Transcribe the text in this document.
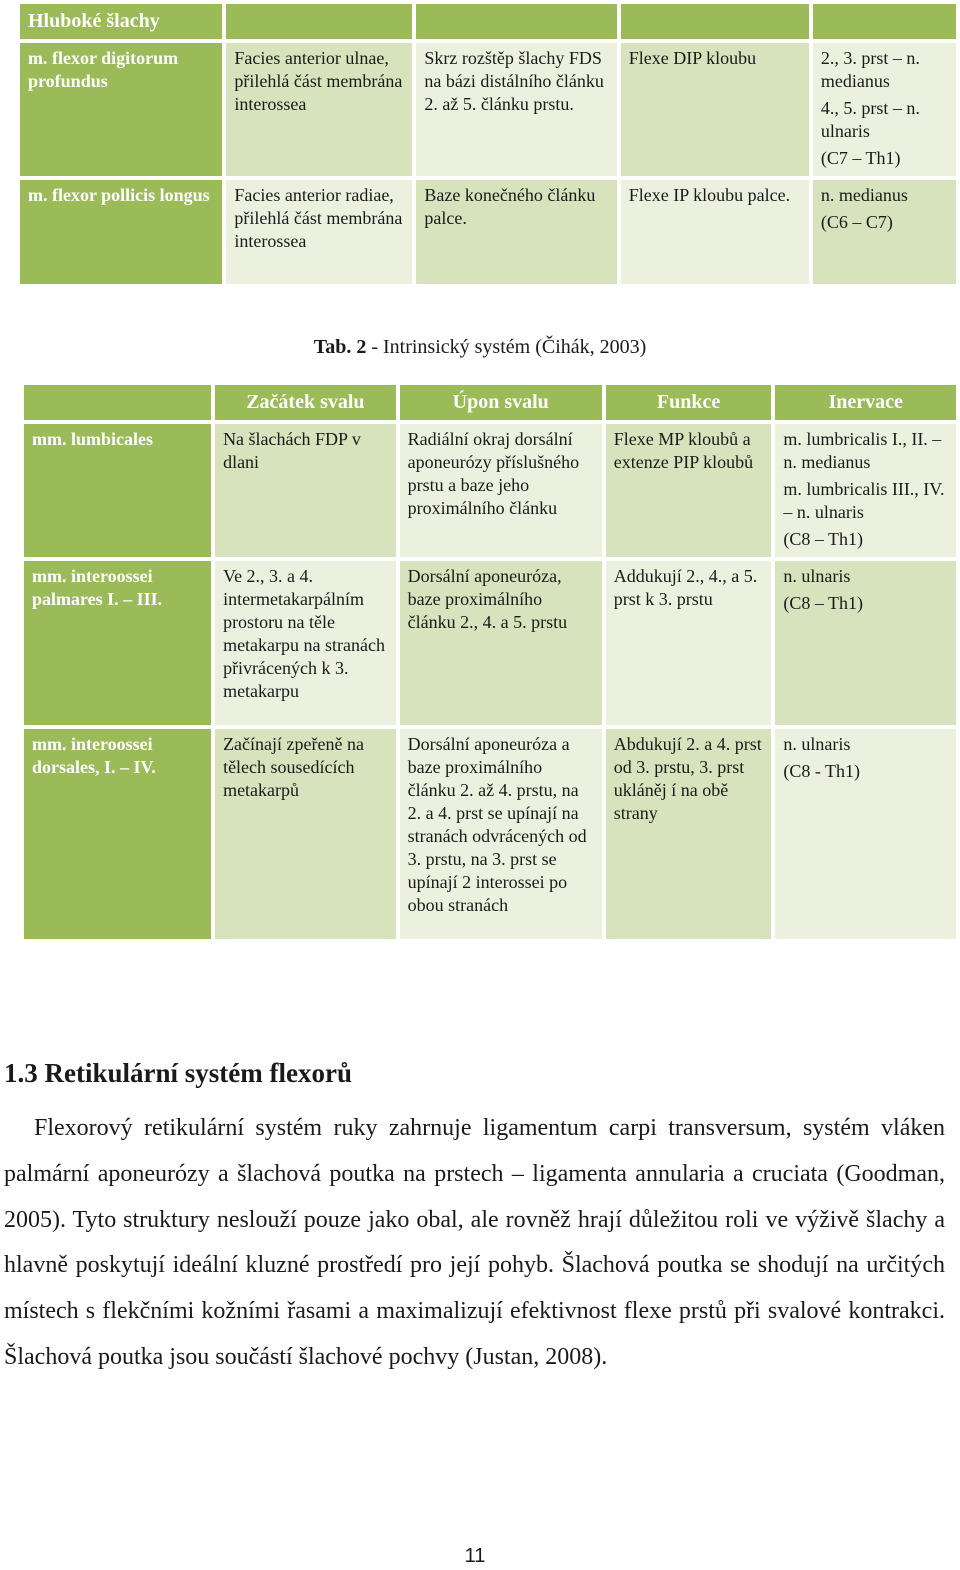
Hluboké šlachy				
m. flexor digitorum profundus	Facies anterior ulnae, přilehlá část membrána interossea	Skrz rozštěp šlachy FDS na bázi distálního článku 2. až 5. článku prstu.	Flexe DIP kloubu	2., 3. prst – n. medianus
4., 5. prst – n. ulnaris
(C7 – Th1)

m. flexor pollicis longus	Facies anterior radiae, přilehlá část membrána interossea	Baze konečného článku palce.	Flexe IP kloubu palce.	n. medianus
(C6 – C7)
Tab. 2 - Intrinsický systém (Čihák, 2003)
	Začátek svalu	Úpon svalu	Funkce	Inervace
mm. lumbicales	Na šlachách FDP v dlani	Radiální okraj dorsální aponeurózy příslušného prstu a baze jeho proximálního článku	Flexe MP kloubů a extenze PIP kloubů	m. lumbricalis I., II. – n. medianus
m. lumbricalis III., IV. – n. ulnaris
(C8 – Th1)

mm. interoossei palmares I. – III.	Ve 2., 3. a 4. intermetakarpálním prostoru na těle metakarpu na stranách přivrácených k 3. metakarpu	Dorsální aponeuróza, baze proximálního článku 2., 4. a 5. prstu	Addukují 2., 4., a 5. prst k 3. prstu	n. ulnaris
(C8 – Th1)

mm. interoossei dorsales, I. – IV.	Začínají zpeřeně na tělech sousedících metakarpů	Dorsální aponeuróza a baze proximálního článku 2. až 4. prstu, na 2. a 4. prst se upínají na stranách odvrácených od 3. prstu, na 3. prst se upínají 2 interossei po obou stranách	Abdukují 2. a 4. prst od 3. prstu, 3. prst ukláněj í na obě strany	n. ulnaris
(C8 - Th1)
1.3 Retikulární systém flexorů

Flexorový retikulární systém ruky zahrnuje ligamentum carpi transversum, systém vláken palmární aponeurózy a šlachová poutka na prstech – ligamenta annularia a cruciata (Goodman, 2005). Tyto struktury neslouží pouze jako obal, ale rovněž hrají důležitou roli ve výživě šlachy a hlavně poskytují ideální kluzné prostředí pro její pohyb. Šlachová poutka se shodují na určitých místech s flekčními kožními řasami a maximalizují efektivnost flexe prstů při svalové kontrakci. Šlachová poutka jsou součástí šlachové pochvy (Justan, 2008).

11
